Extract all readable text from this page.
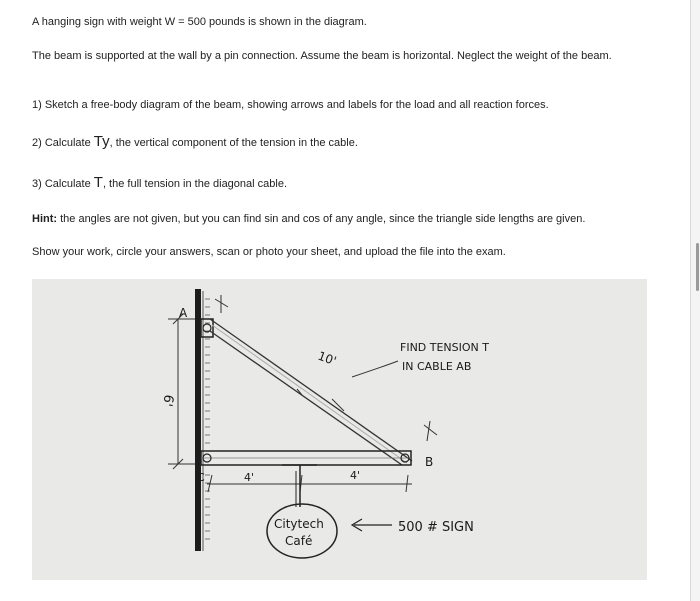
A hanging sign with weight W = 500 pounds is shown in the diagram.

The beam is supported at the wall by a pin connection. Assume the beam is horizontal. Neglect the weight of the beam.

1) Sketch a free-body diagram of the beam, showing arrows and labels for the load and all reaction forces.

2) Calculate Ty, the vertical component of the tension in the cable.

3) Calculate T, the full tension in the diagonal cable.

Hint: the angles are not given, but you can find sin and cos of any angle, since the triangle side lengths are given.

Show your work, circle your answers, scan or photo your sheet, and upload the file into the exam.

6'
A
10'
C
B
4'	4'
Citytech
Café
500 # SIGN
FIND TENSION T
IN CABLE AB
